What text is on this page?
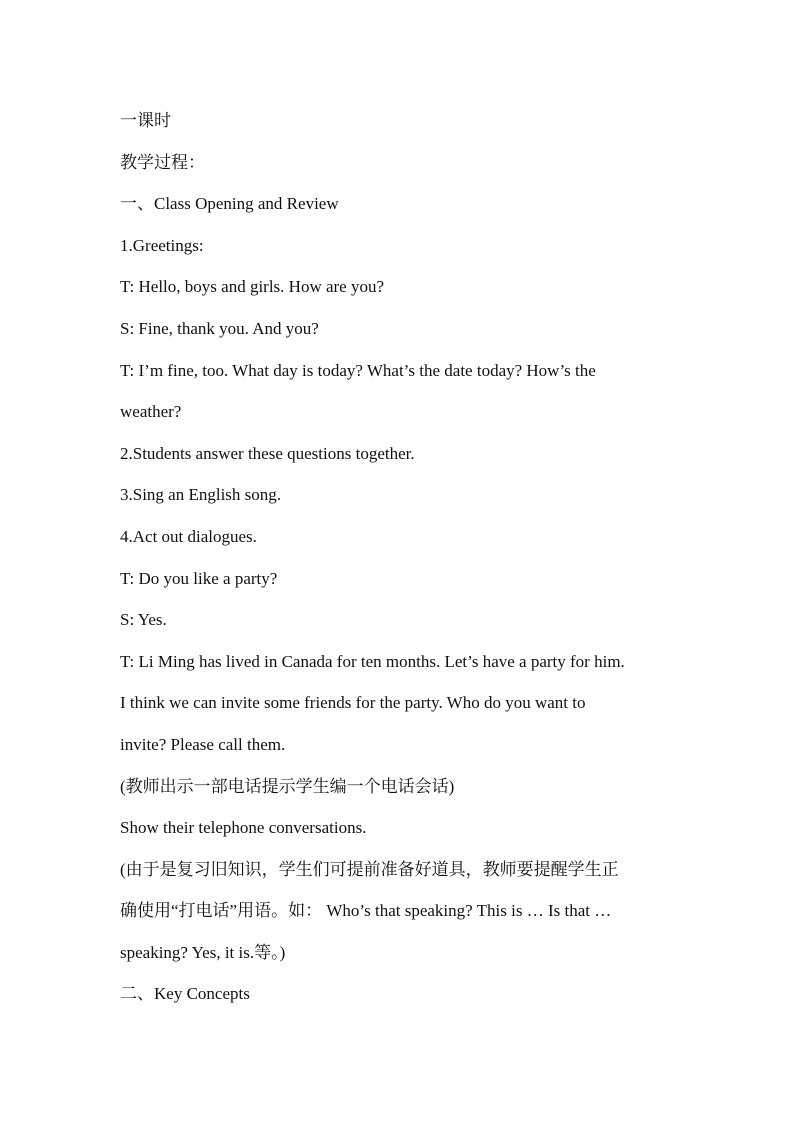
一课时

教学过程：

一、Class Opening and Review

1.Greetings:

T: Hello, boys and girls. How are you?

S: Fine, thank you. And you?

T: I’m fine, too. What day is today? What’s the date today? How’s the

weather?

2.Students answer these questions together.

3.Sing an English song.

4.Act out dialogues.

T: Do you like a party?

S: Yes.

T: Li Ming has lived in Canada for ten months. Let’s have a party for him.

I think we can invite some friends for the party. Who do you want to

invite? Please call them.

(教师出示一部电话提示学生编一个电话会话)

Show their telephone conversations.

(由于是复习旧知识，学生们可提前准备好道具，教师要提醒学生正

确使用“打电话”用语。如： Who’s that speaking? This is … Is that …

speaking? Yes, it is.等。)

二、Key Concepts
